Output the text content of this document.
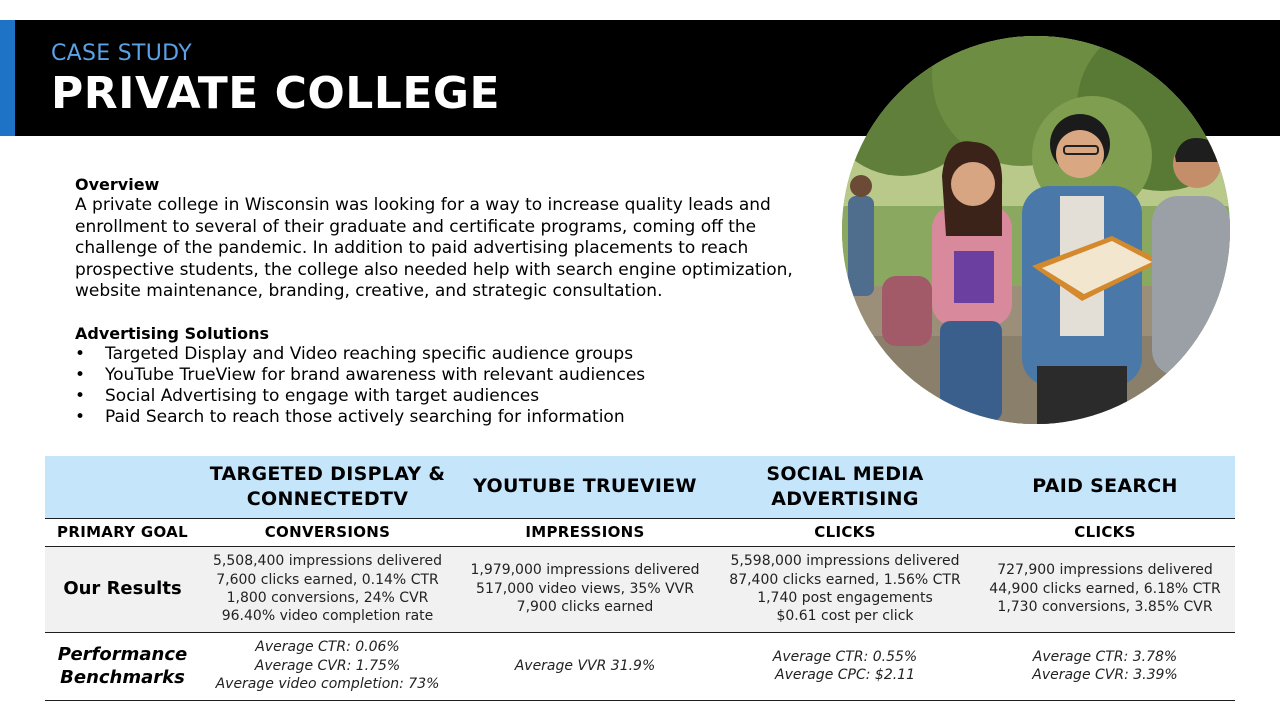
CASE STUDY
PRIVATE COLLEGE
Overview
A private college in Wisconsin was looking for a way to increase quality leads and enrollment to several of their graduate and certificate programs, coming off the challenge of the pandemic. In addition to paid advertising placements to reach prospective students, the college also needed help with search engine optimization, website maintenance, branding, creative, and strategic consultation.
Advertising Solutions
• Targeted Display and Video reaching specific audience groups
• YouTube TrueView for brand awareness with relevant audiences
• Social Advertising to engage with target audiences
• Paid Search to reach those actively searching for information
	TARGETED DISPLAY & CONNECTEDTV	YOUTUBE TRUEVIEW	SOCIAL MEDIA ADVERTISING	PAID SEARCH
PRIMARY GOAL	CONVERSIONS	IMPRESSIONS	CLICKS	CLICKS
Our Results	5,508,400 impressions delivered
7,600 clicks earned, 0.14% CTR
1,800 conversions, 24% CVR
96.40% video completion rate	1,979,000 impressions delivered
517,000 video views, 35% VVR
7,900 clicks earned	5,598,000 impressions delivered
87,400 clicks earned, 1.56% CTR
1,740 post engagements
$0.61 cost per click	727,900 impressions delivered
44,900 clicks earned, 6.18% CTR
1,730 conversions, 3.85% CVR

Performance Benchmarks	Average CTR: 0.06%
Average CVR: 1.75%
Average video completion: 73%	Average VVR 31.9%	Average CTR: 0.55%
Average CPC: $2.11	Average CTR: 3.78%
Average CVR: 3.39%
